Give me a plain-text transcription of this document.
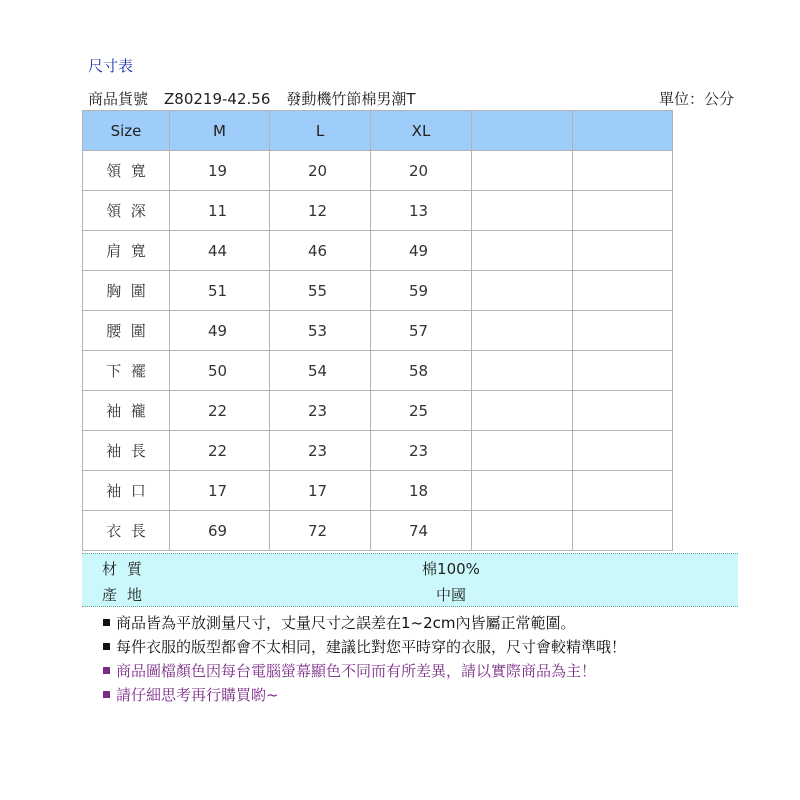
尺寸表
商品貨號 Z80219-42.56 發動機竹節棉男潮T	單位：公分
Size	M	L	XL		
領  寬	19	20	20		
領  深	11	12	13		
肩  寬	44	46	49		
胸  圍	51	55	59		
腰  圍	49	53	57		
下  襬	50	54	58		
袖  襱	22	23	25		
袖  長	22	23	23		
袖  口	17	17	18		
衣  長	69	72	74		
材質	棉100%
產地	中國
商品皆為平放測量尺寸，丈量尺寸之誤差在1~2cm內皆屬正常範圍。
每件衣服的版型都會不太相同，建議比對您平時穿的衣服，尺寸會較精準哦！
商品圖檔顏色因每台電腦螢幕顯色不同而有所差異，請以實際商品為主！
請仔細思考再行購買喲~
